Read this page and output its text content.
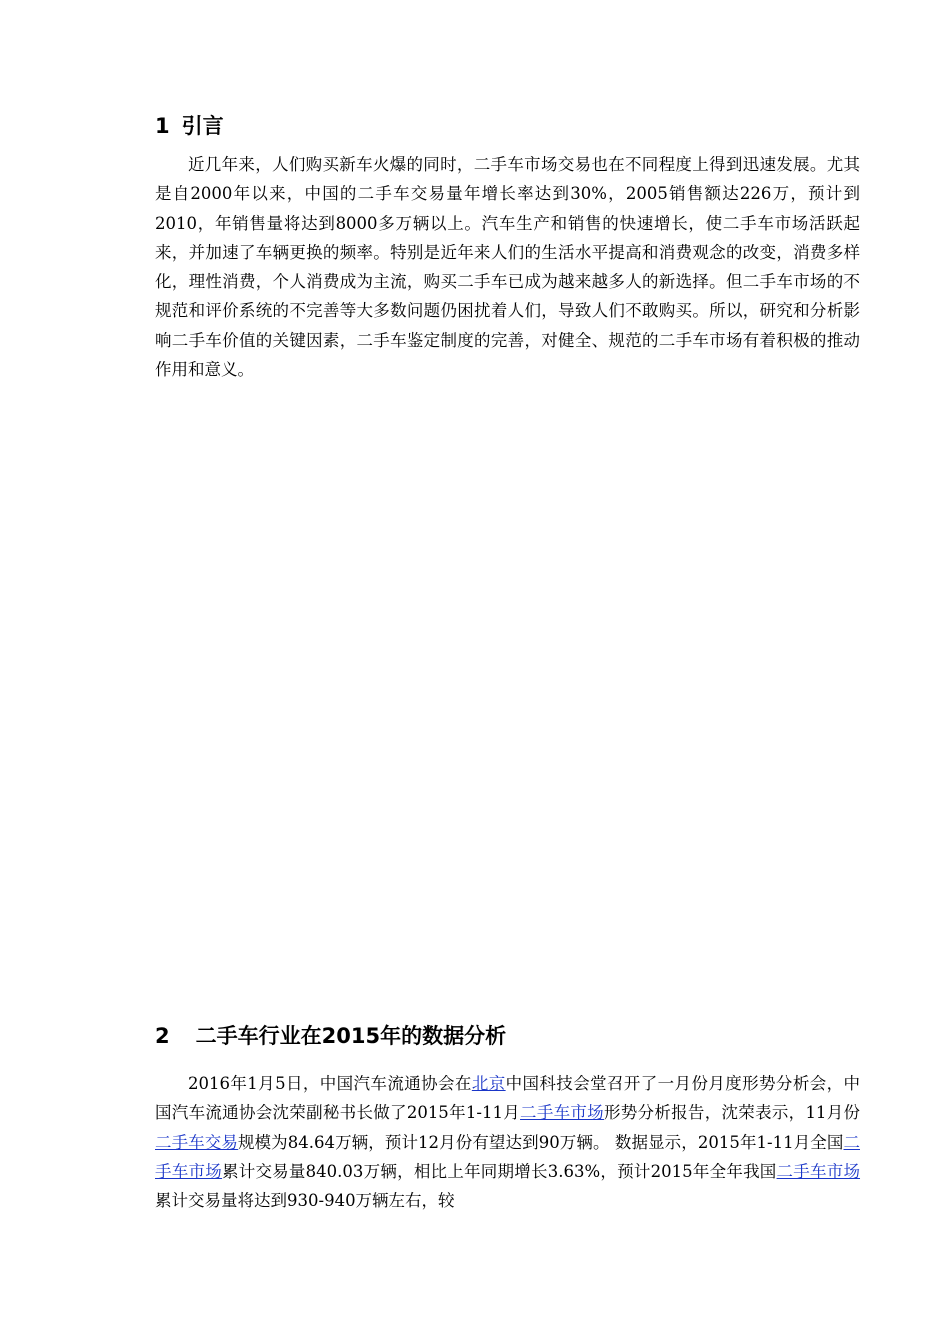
1 引言

近几年来，人们购买新车火爆的同时，二手车市场交易也在不同程度上得到迅速发展。尤其是自2000年以来，中国的二手车交易量年增长率达到30%，2005销售额达226万，预计到2010，年销售量将达到8000多万辆以上。汽车生产和销售的快速增长，使二手车市场活跃起来，并加速了车辆更换的频率。特别是近年来人们的生活水平提高和消费观念的改变，消费多样化，理性消费，个人消费成为主流，购买二手车已成为越来越多人的新选择。但二手车市场的不规范和评价系统的不完善等大多数问题仍困扰着人们，导致人们不敢购买。所以，研究和分析影响二手车价值的关键因素，二手车鉴定制度的完善，对健全、规范的二手车市场有着积极的推动作用和意义。

2 二手车行业在2015年的数据分析

2016年1月5日，中国汽车流通协会在北京中国科技会堂召开了一月份月度形势分析会，中国汽车流通协会沈荣副秘书长做了2015年1-11月二手车市场形势分析报告，沈荣表示，11月份二手车交易规模为84.64万辆，预计12月份有望达到90万辆。 数据显示，2015年1-11月全国二手车市场累计交易量840.03万辆，相比上年同期增长3.63%，预计2015年全年我国二手车市场累计交易量将达到930-940万辆左右，较
